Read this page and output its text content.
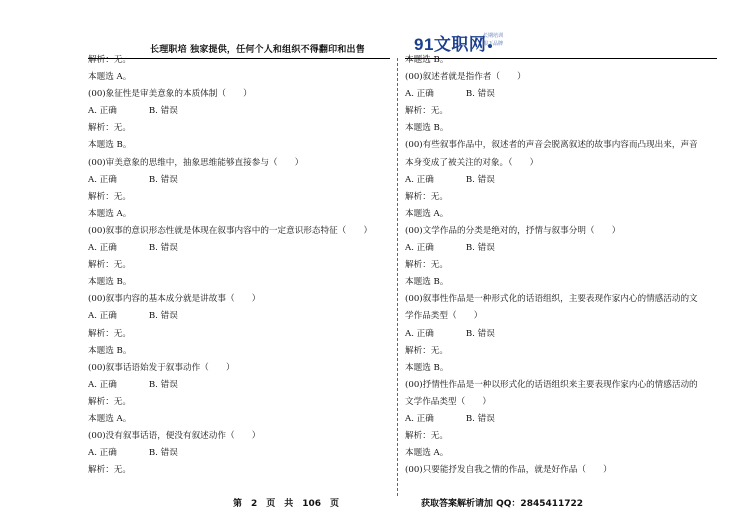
长理职培 独家提供，任何个人和组织不得翻印和出售	91文职网
长期培训
跟下品牌
解析：无。
本题选 A。
(00)象征性是审美意象的本质体制（　　）
A. 正确	B. 错误
解析：无。
本题选 B。
(00)审美意象的思维中，抽象思维能够直接参与（　　）
A. 正确	B. 错误
解析：无。
本题选 A。
(00)叙事的意识形态性就是体现在叙事内容中的一定意识形态特征（　　）
A. 正确	B. 错误
解析：无。
本题选 B。
(00)叙事内容的基本成分就是讲故事（　　）
A. 正确	B. 错误
解析：无。
本题选 B。
(00)叙事话语始发于叙事动作（　　）
A. 正确	B. 错误
解析：无。
本题选 A。
(00)没有叙事话语，便没有叙述动作（　　）
A. 正确	B. 错误
解析：无。
本题选 B。
(00)叙述者就是指作者（　　）
A. 正确	B. 错误
解析：无。
本题选 B。
(00)有些叙事作品中，叙述者的声音会脱离叙述的故事内容而凸现出来，声音
本身变成了被关注的对象。（　　）
A. 正确	B. 错误
解析：无。
本题选 A。
(00)文学作品的分类是绝对的，抒情与叙事分明（　　）
A. 正确	B. 错误
解析：无。
本题选 B。
(00)叙事性作品是一种形式化的话语组织，主要表现作家内心的情感活动的文
学作品类型（　　）
A. 正确	B. 错误
解析：无。
本题选 B。
(00)抒情性作品是一种以形式化的话语组织来主要表现作家内心的情感活动的
文学作品类型（　　）
A. 正确	B. 错误
解析：无。
本题选 A。
(00)只要能抒发自我之情的作品，就是好作品（　　）
第　2　页　共　106　页	获取答案解析请加 QQ：2845411722
